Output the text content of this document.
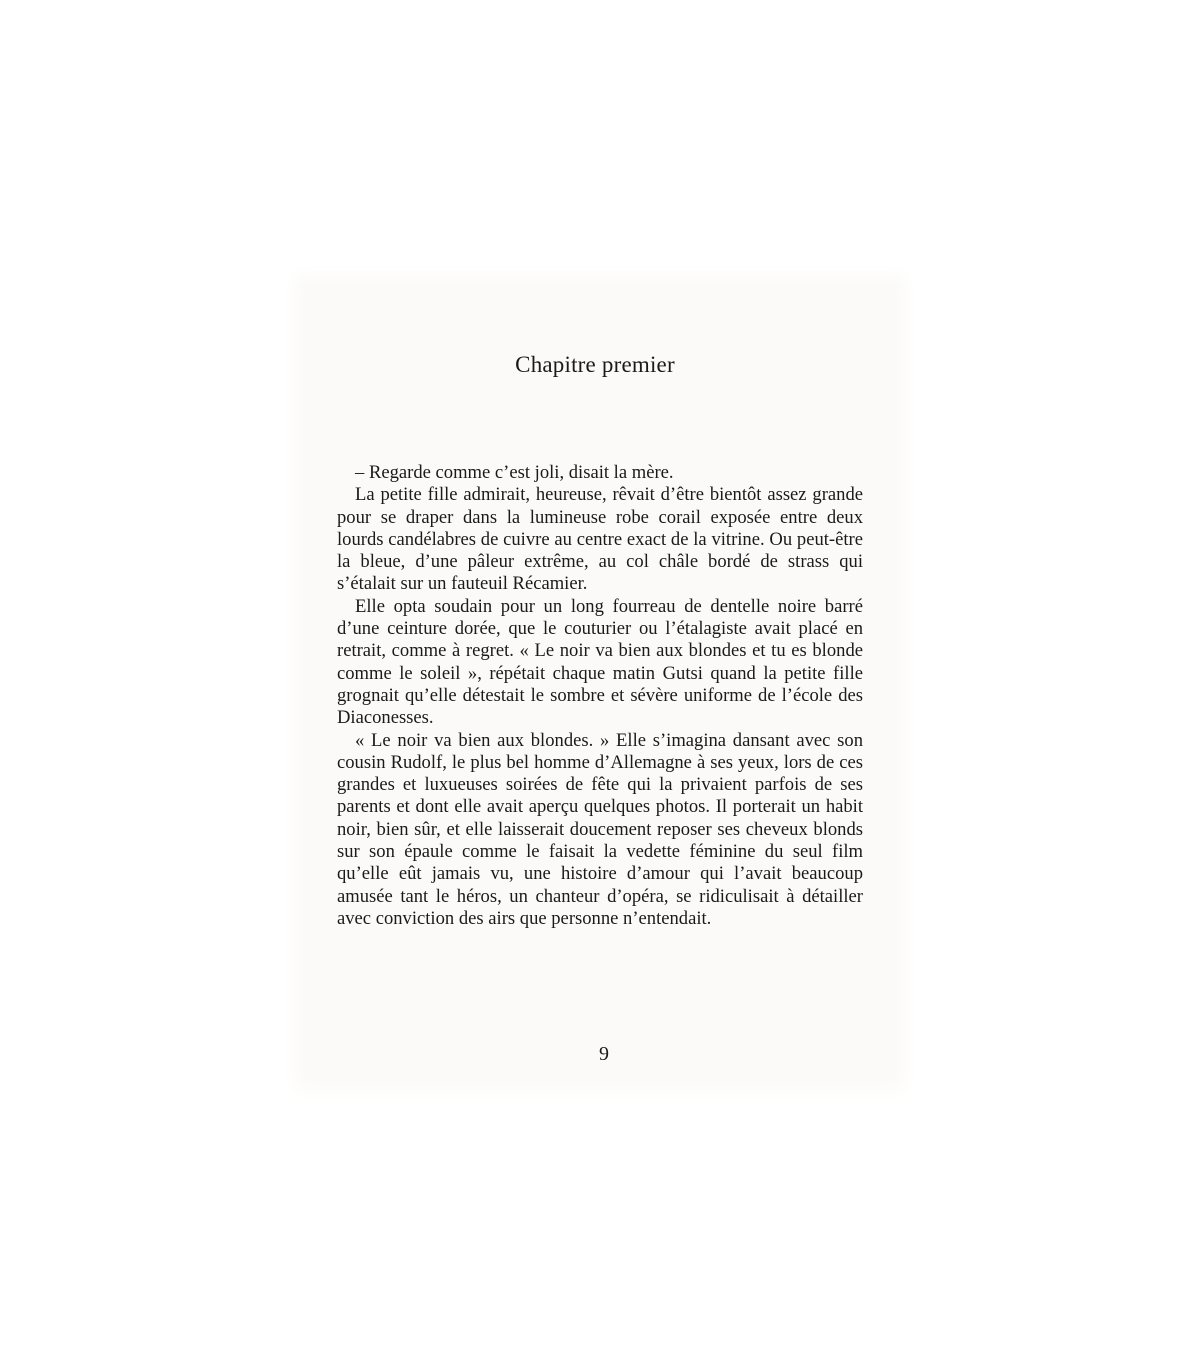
Chapitre premier

– Regarde comme c’est joli, disait la mère.

La petite fille admirait, heureuse, rêvait d’être bientôt assez grande pour se draper dans la lumineuse robe corail exposée entre deux lourds candélabres de cuivre au centre exact de la vitrine. Ou peut-être la bleue, d’une pâleur extrême, au col châle bordé de strass qui s’étalait sur un fauteuil Récamier.

Elle opta soudain pour un long fourreau de dentelle noire barré d’une ceinture dorée, que le couturier ou l’étalagiste avait placé en retrait, comme à regret. « Le noir va bien aux blondes et tu es blonde comme le soleil », répétait chaque matin Gutsi quand la petite fille grognait qu’elle détestait le sombre et sévère uniforme de l’école des Diaconesses.

« Le noir va bien aux blondes. » Elle s’imagina dansant avec son cousin Rudolf, le plus bel homme d’Allemagne à ses yeux, lors de ces grandes et luxueuses soirées de fête qui la privaient parfois de ses parents et dont elle avait aperçu quelques photos. Il porterait un habit noir, bien sûr, et elle laisserait doucement reposer ses cheveux blonds sur son épaule comme le faisait la vedette féminine du seul film qu’elle eût jamais vu, une histoire d’amour qui l’avait beaucoup amusée tant le héros, un chanteur d’opéra, se ridiculisait à détailler avec conviction des airs que personne n’entendait.

9
